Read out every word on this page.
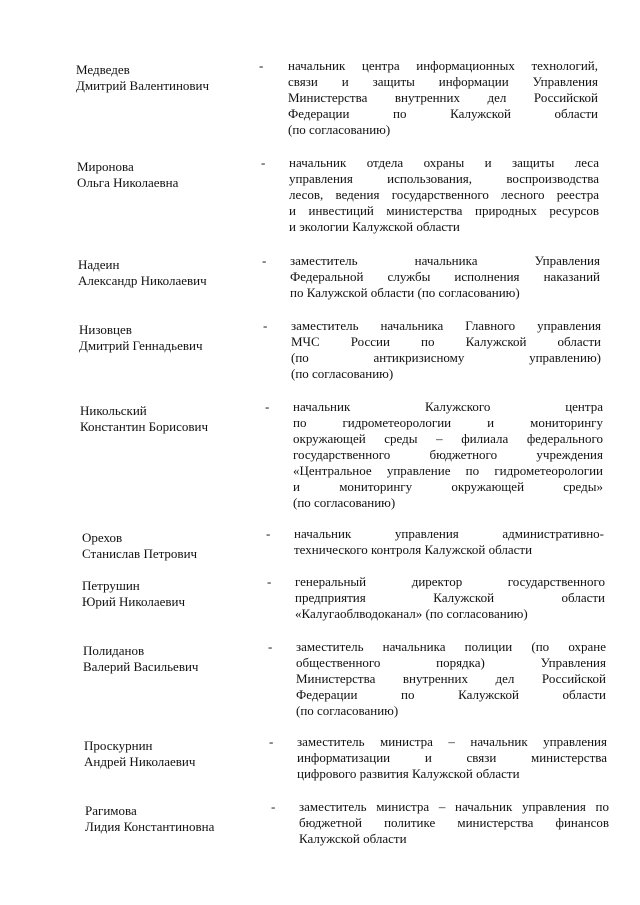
Медведев
Дмитрий Валентинович
- начальник центра информационных технологий,
связи и защиты информации Управления
Министерства внутренних дел Российской
Федерации по Калужской области
(по согласованию)
Миронова
Ольга Николаевна
- начальник отдела охраны и защиты леса
управления использования, воспроизводства
лесов, ведения государственного лесного реестра
и инвестиций министерства природных ресурсов
и экологии Калужской области
Надеин
Александр Николаевич
- заместитель начальника Управления
Федеральной службы исполнения наказаний
по Калужской области (по согласованию)
Низовцев
Дмитрий Геннадьевич
- заместитель начальника Главного управления
МЧС России по Калужской области
(по антикризисному управлению)
(по согласованию)
Никольский
Константин Борисович
- начальник Калужского центра
по гидрометеорологии и мониторингу
окружающей среды – филиала федерального
государственного бюджетного учреждения
«Центральное управление по гидрометеорологии
и мониторингу окружающей среды»
(по согласованию)
Орехов
Станислав Петрович
- начальник управления административно-
технического контроля Калужской области
Петрушин
Юрий Николаевич
- генеральный директор государственного
предприятия Калужской области
«Калугаоблводоканал» (по согласованию)
Полиданов
Валерий Васильевич
- заместитель начальника полиции (по охране
общественного порядка) Управления
Министерства внутренних дел Российской
Федерации по Калужской области
(по согласованию)
Проскурнин
Андрей Николаевич
- заместитель министра – начальник управления
информатизации и связи министерства
цифрового развития Калужской области
Рагимова
Лидия Константиновна
- заместитель министра – начальник управления по
бюджетной политике министерства финансов
Калужской области
